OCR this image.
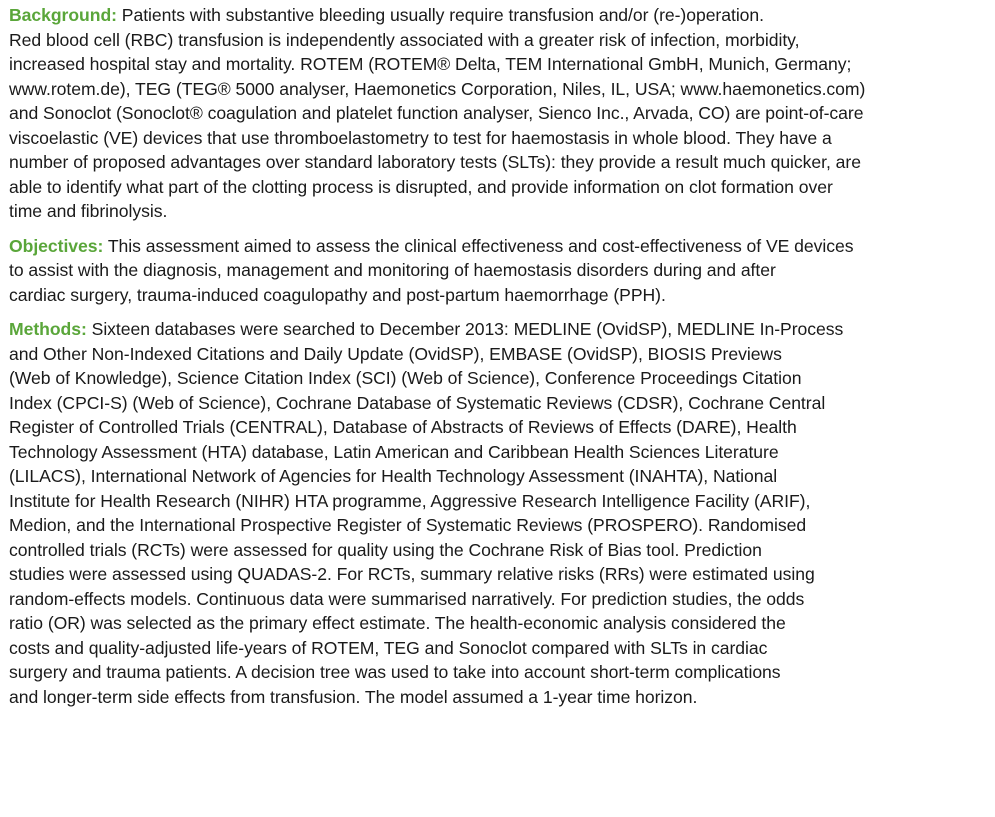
Background: Patients with substantive bleeding usually require transfusion and/or (re-)operation.
Red blood cell (RBC) transfusion is independently associated with a greater risk of infection, morbidity,
increased hospital stay and mortality. ROTEM (ROTEM® Delta, TEM International GmbH, Munich, Germany;
www.rotem.de), TEG (TEG® 5000 analyser, Haemonetics Corporation, Niles, IL, USA; www.haemonetics.com)
and Sonoclot (Sonoclot® coagulation and platelet function analyser, Sienco Inc., Arvada, CO) are point-of-care
viscoelastic (VE) devices that use thromboelastometry to test for haemostasis in whole blood. They have a
number of proposed advantages over standard laboratory tests (SLTs): they provide a result much quicker, are
able to identify what part of the clotting process is disrupted, and provide information on clot formation over
time and fibrinolysis.

Objectives: This assessment aimed to assess the clinical effectiveness and cost-effectiveness of VE devices
to assist with the diagnosis, management and monitoring of haemostasis disorders during and after
cardiac surgery, trauma-induced coagulopathy and post-partum haemorrhage (PPH).

Methods: Sixteen databases were searched to December 2013: MEDLINE (OvidSP), MEDLINE In-Process
and Other Non-Indexed Citations and Daily Update (OvidSP), EMBASE (OvidSP), BIOSIS Previews
(Web of Knowledge), Science Citation Index (SCI) (Web of Science), Conference Proceedings Citation
Index (CPCI-S) (Web of Science), Cochrane Database of Systematic Reviews (CDSR), Cochrane Central
Register of Controlled Trials (CENTRAL), Database of Abstracts of Reviews of Effects (DARE), Health
Technology Assessment (HTA) database, Latin American and Caribbean Health Sciences Literature
(LILACS), International Network of Agencies for Health Technology Assessment (INAHTA), National
Institute for Health Research (NIHR) HTA programme, Aggressive Research Intelligence Facility (ARIF),
Medion, and the International Prospective Register of Systematic Reviews (PROSPERO). Randomised
controlled trials (RCTs) were assessed for quality using the Cochrane Risk of Bias tool. Prediction
studies were assessed using QUADAS-2. For RCTs, summary relative risks (RRs) were estimated using
random-effects models. Continuous data were summarised narratively. For prediction studies, the odds
ratio (OR) was selected as the primary effect estimate. The health-economic analysis considered the
costs and quality-adjusted life-years of ROTEM, TEG and Sonoclot compared with SLTs in cardiac
surgery and trauma patients. A decision tree was used to take into account short-term complications
and longer-term side effects from transfusion. The model assumed a 1-year time horizon.
